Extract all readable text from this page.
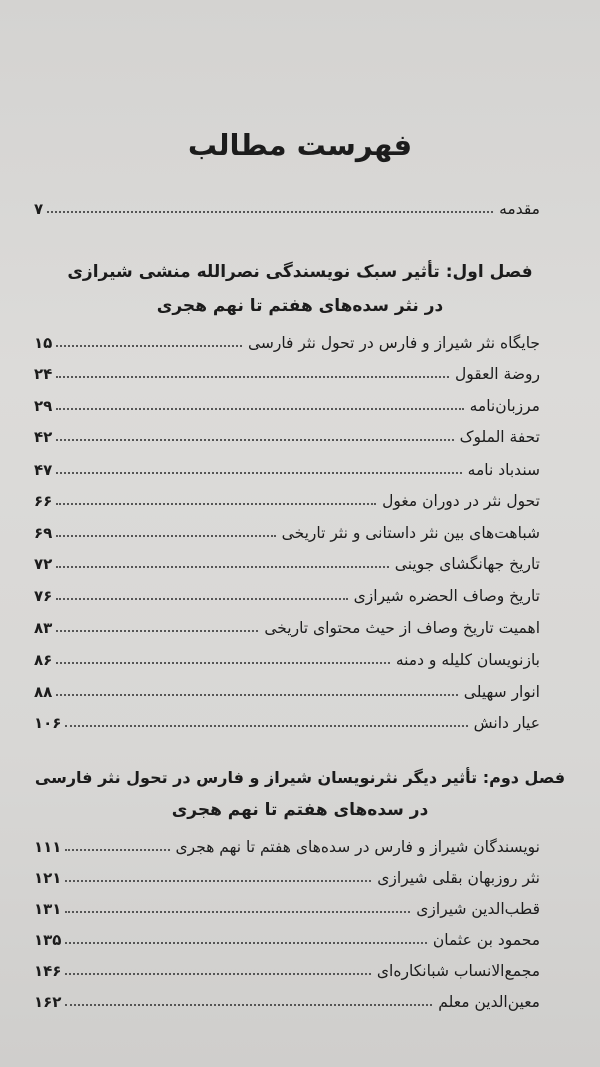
فهرست مطالب
مقدمه
۷
فصل اول: تأثیر سبک نویسندگی نصرالله منشی شیرازی
در نثر سده‌های هفتم تا نهم هجری
جایگاه نثر شیراز و فارس در تحول نثر فارسی
۱۵
روضة العقول
۲۴
مرزبان‌نامه
۲۹
تحفة الملوک
۴۲
سندباد نامه
۴۷
تحول نثر در دوران مغول
۶۶
شباهت‌های بین نثر داستانی و نثر تاریخی
۶۹
تاریخ جهانگشای جوینی
۷۲
تاریخ وصاف الحضره شیرازی
۷۶
اهمیت تاریخ وصاف از حیث محتوای تاریخی
۸۳
بازنویسان کلیله و دمنه
۸۶
انوار سهیلی
۸۸
عیار دانش
۱۰۶
فصل دوم: تأثیر دیگر نثرنویسان شیراز و فارس در تحول نثر فارسی
در سده‌های هفتم تا نهم هجری
نویسندگان شیراز و فارس در سده‌های هفتم تا نهم هجری
۱۱۱
نثر روزبهان بقلی شیرازی
۱۲۱
قطب‌الدین شیرازی
۱۳۱
محمود بن عثمان
۱۳۵
مجمع‌الانساب شبانکاره‌ای
۱۴۶
معین‌الدین معلم
۱۶۲
